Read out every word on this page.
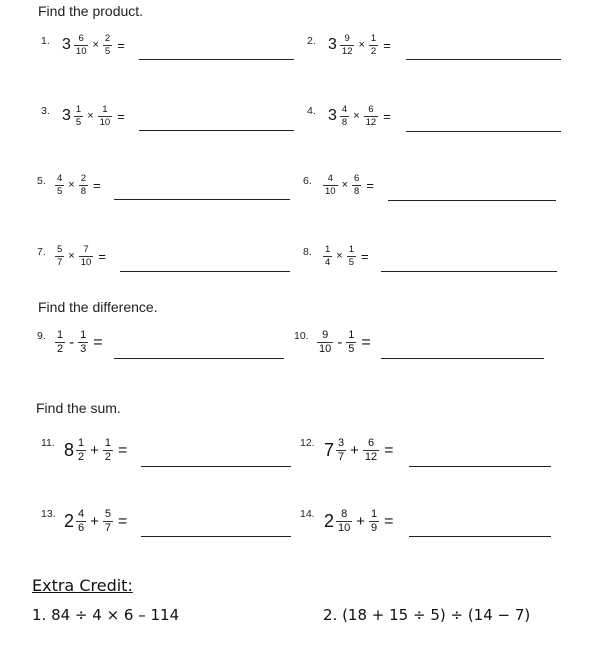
Find the product.
Find the difference.
Find the sum.
1. $3 \frac{6}{10} \times \frac{2}{5}$ =	2. $3 \frac{9}{12} \times \frac{1}{2}$ =
3. $3 \frac{1}{5} \times \frac{1}{10}$ =	4. $3 \frac{4}{8} \times \frac{6}{12}$ =
5. $\frac{4}{5} \times \frac{2}{8}$ =	6. $\frac{4}{10} \times \frac{6}{8}$ =
7. $\frac{5}{7} \times \frac{7}{10}$ =	8. $\frac{1}{4} \times \frac{1}{5}$ =
9. $\frac{1}{2} - \frac{1}{3}$ =	10. $\frac{9}{10} - \frac{1}{5}$ =
11. $8 \frac{1}{2} + \frac{1}{2}$ =	12. $7 \frac{3}{7} + \frac{6}{12}$ =
13. $2 \frac{4}{6} + \frac{5}{7}$ =	14. $2 \frac{8}{10} + \frac{1}{9}$ =
Extra Credit:
1. 84 ÷ 4 × 6 – 114	2. (18 + 15 ÷ 5) ÷ (14 − 7)
